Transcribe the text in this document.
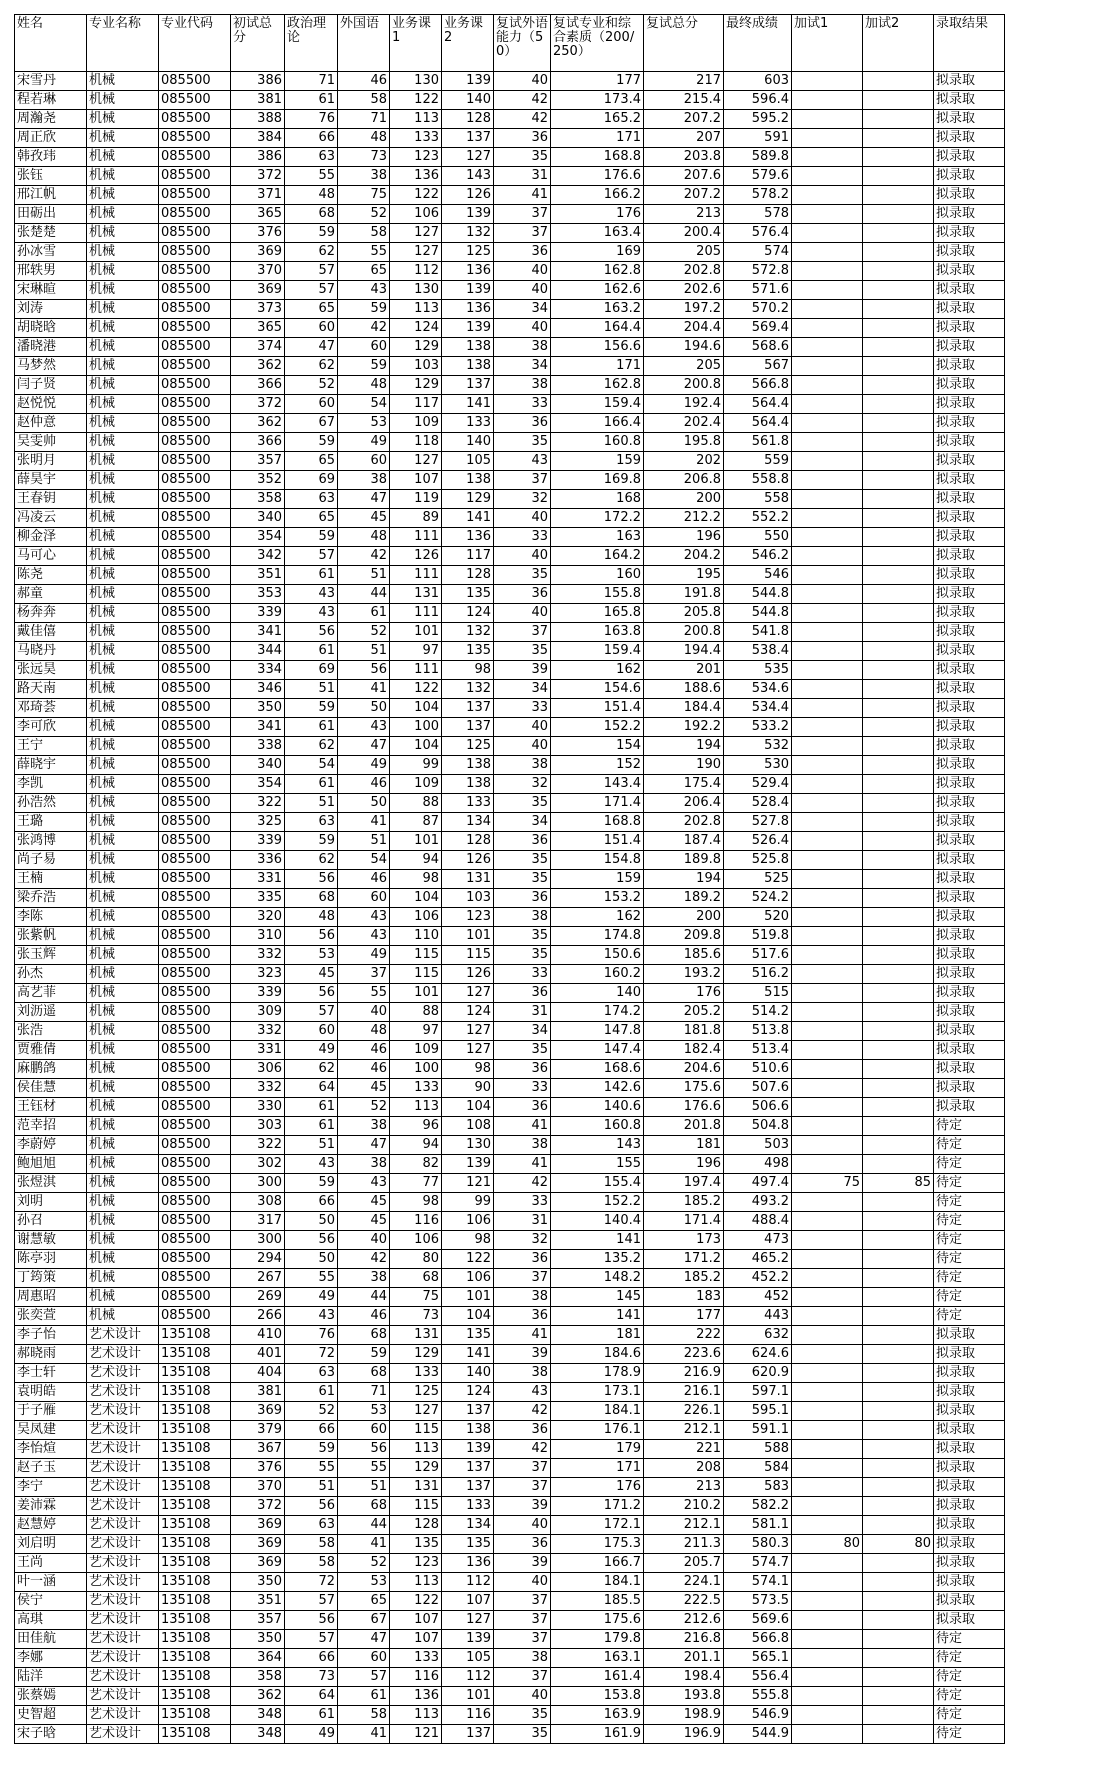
姓名	专业名称	专业代码	初试总分	政治理论	外国语	业务课1	业务课2	复试外语能力（50）	复试专业和综合素质（200/250）	复试总分	最终成绩	加试1	加试2	录取结果
宋雪丹	机械	085500	386	71	46	130	139	40	177	217	603			拟录取
程若琳	机械	085500	381	61	58	122	140	42	173.4	215.4	596.4			拟录取
周瀚尧	机械	085500	388	76	71	113	128	42	165.2	207.2	595.2			拟录取
周正欣	机械	085500	384	66	48	133	137	36	171	207	591			拟录取
韩孜玮	机械	085500	386	63	73	123	127	35	168.8	203.8	589.8			拟录取
张钰	机械	085500	372	55	38	136	143	31	176.6	207.6	579.6			拟录取
邢江帆	机械	085500	371	48	75	122	126	41	166.2	207.2	578.2			拟录取
田砺出	机械	085500	365	68	52	106	139	37	176	213	578			拟录取
张楚楚	机械	085500	376	59	58	127	132	37	163.4	200.4	576.4			拟录取
孙冰雪	机械	085500	369	62	55	127	125	36	169	205	574			拟录取
邢轶男	机械	085500	370	57	65	112	136	40	162.8	202.8	572.8			拟录取
宋琳暄	机械	085500	369	57	43	130	139	40	162.6	202.6	571.6			拟录取
刘涛	机械	085500	373	65	59	113	136	34	163.2	197.2	570.2			拟录取
胡晓晗	机械	085500	365	60	42	124	139	40	164.4	204.4	569.4			拟录取
潘晓港	机械	085500	374	47	60	129	138	38	156.6	194.6	568.6			拟录取
马梦然	机械	085500	362	62	59	103	138	34	171	205	567			拟录取
闫子贤	机械	085500	366	52	48	129	137	38	162.8	200.8	566.8			拟录取
赵悦悦	机械	085500	372	60	54	117	141	33	159.4	192.4	564.4			拟录取
赵仲意	机械	085500	362	67	53	109	133	36	166.4	202.4	564.4			拟录取
吴雯帅	机械	085500	366	59	49	118	140	35	160.8	195.8	561.8			拟录取
张明月	机械	085500	357	65	60	127	105	43	159	202	559			拟录取
薛昊宇	机械	085500	352	69	38	107	138	37	169.8	206.8	558.8			拟录取
王春钥	机械	085500	358	63	47	119	129	32	168	200	558			拟录取
冯凌云	机械	085500	340	65	45	89	141	40	172.2	212.2	552.2			拟录取
柳金泽	机械	085500	354	59	48	111	136	33	163	196	550			拟录取
马可心	机械	085500	342	57	42	126	117	40	164.2	204.2	546.2			拟录取
陈尧	机械	085500	351	61	51	111	128	35	160	195	546			拟录取
郝童	机械	085500	353	43	44	131	135	36	155.8	191.8	544.8			拟录取
杨奔奔	机械	085500	339	43	61	111	124	40	165.8	205.8	544.8			拟录取
戴佳僖	机械	085500	341	56	52	101	132	37	163.8	200.8	541.8			拟录取
马晓丹	机械	085500	344	61	51	97	135	35	159.4	194.4	538.4			拟录取
张远昊	机械	085500	334	69	56	111	98	39	162	201	535			拟录取
路天南	机械	085500	346	51	41	122	132	34	154.6	188.6	534.6			拟录取
邓琦荟	机械	085500	350	59	50	104	137	33	151.4	184.4	534.4			拟录取
李可欣	机械	085500	341	61	43	100	137	40	152.2	192.2	533.2			拟录取
王宁	机械	085500	338	62	47	104	125	40	154	194	532			拟录取
薛晓宇	机械	085500	340	54	49	99	138	38	152	190	530			拟录取
李凯	机械	085500	354	61	46	109	138	32	143.4	175.4	529.4			拟录取
孙浩然	机械	085500	322	51	50	88	133	35	171.4	206.4	528.4			拟录取
王璐	机械	085500	325	63	41	87	134	34	168.8	202.8	527.8			拟录取
张鸿博	机械	085500	339	59	51	101	128	36	151.4	187.4	526.4			拟录取
尚子易	机械	085500	336	62	54	94	126	35	154.8	189.8	525.8			拟录取
王楠	机械	085500	331	56	46	98	131	35	159	194	525			拟录取
梁乔浩	机械	085500	335	68	60	104	103	36	153.2	189.2	524.2			拟录取
李陈	机械	085500	320	48	43	106	123	38	162	200	520			拟录取
张紫帆	机械	085500	310	56	43	110	101	35	174.8	209.8	519.8			拟录取
张玉辉	机械	085500	332	53	49	115	115	35	150.6	185.6	517.6			拟录取
孙杰	机械	085500	323	45	37	115	126	33	160.2	193.2	516.2			拟录取
高艺菲	机械	085500	339	56	55	101	127	36	140	176	515			拟录取
刘沥遥	机械	085500	309	57	40	88	124	31	174.2	205.2	514.2			拟录取
张浩	机械	085500	332	60	48	97	127	34	147.8	181.8	513.8			拟录取
贾雅倩	机械	085500	331	49	46	109	127	35	147.4	182.4	513.4			拟录取
麻鹏鸽	机械	085500	306	62	46	100	98	36	168.6	204.6	510.6			拟录取
侯佳慧	机械	085500	332	64	45	133	90	33	142.6	175.6	507.6			拟录取
王钰材	机械	085500	330	61	52	113	104	36	140.6	176.6	506.6			拟录取
范幸招	机械	085500	303	61	38	96	108	41	160.8	201.8	504.8			待定
李蔚婷	机械	085500	322	51	47	94	130	38	143	181	503			待定
鲍旭旭	机械	085500	302	43	38	82	139	41	155	196	498			待定
张煜淇	机械	085500	300	59	43	77	121	42	155.4	197.4	497.4	75	85	待定
刘明	机械	085500	308	66	45	98	99	33	152.2	185.2	493.2			待定
孙召	机械	085500	317	50	45	116	106	31	140.4	171.4	488.4			待定
谢慧敏	机械	085500	300	56	40	106	98	32	141	173	473			待定
陈亭羽	机械	085500	294	50	42	80	122	36	135.2	171.2	465.2			待定
丁筠策	机械	085500	267	55	38	68	106	37	148.2	185.2	452.2			待定
周惠昭	机械	085500	269	49	44	75	101	38	145	183	452			待定
张奕萱	机械	085500	266	43	46	73	104	36	141	177	443			待定
李子怡	艺术设计	135108	410	76	68	131	135	41	181	222	632			拟录取
郝晓雨	艺术设计	135108	401	72	59	129	141	39	184.6	223.6	624.6			拟录取
李士轩	艺术设计	135108	404	63	68	133	140	38	178.9	216.9	620.9			拟录取
袁明皓	艺术设计	135108	381	61	71	125	124	43	173.1	216.1	597.1			拟录取
于子雁	艺术设计	135108	369	52	53	127	137	42	184.1	226.1	595.1			拟录取
吴凤建	艺术设计	135108	379	66	60	115	138	36	176.1	212.1	591.1			拟录取
李怡煊	艺术设计	135108	367	59	56	113	139	42	179	221	588			拟录取
赵子玉	艺术设计	135108	376	55	55	129	137	37	171	208	584			拟录取
李宁	艺术设计	135108	370	51	51	131	137	37	176	213	583			拟录取
姜沛霖	艺术设计	135108	372	56	68	115	133	39	171.2	210.2	582.2			拟录取
赵慧婷	艺术设计	135108	369	63	44	128	134	40	172.1	212.1	581.1			拟录取
刘启明	艺术设计	135108	369	58	41	135	135	36	175.3	211.3	580.3	80	80	拟录取
王尚	艺术设计	135108	369	58	52	123	136	39	166.7	205.7	574.7			拟录取
叶一涵	艺术设计	135108	350	72	53	113	112	40	184.1	224.1	574.1			拟录取
侯宁	艺术设计	135108	351	57	65	122	107	37	185.5	222.5	573.5			拟录取
高琪	艺术设计	135108	357	56	67	107	127	37	175.6	212.6	569.6			拟录取
田佳航	艺术设计	135108	350	57	47	107	139	37	179.8	216.8	566.8			待定
李娜	艺术设计	135108	364	66	60	133	105	38	163.1	201.1	565.1			待定
陆洋	艺术设计	135108	358	73	57	116	112	37	161.4	198.4	556.4			待定
张蔡嫣	艺术设计	135108	362	64	61	136	101	40	153.8	193.8	555.8			待定
史智超	艺术设计	135108	348	61	58	113	116	35	163.9	198.9	546.9			待定
宋子晗	艺术设计	135108	348	49	41	121	137	35	161.9	196.9	544.9			待定
